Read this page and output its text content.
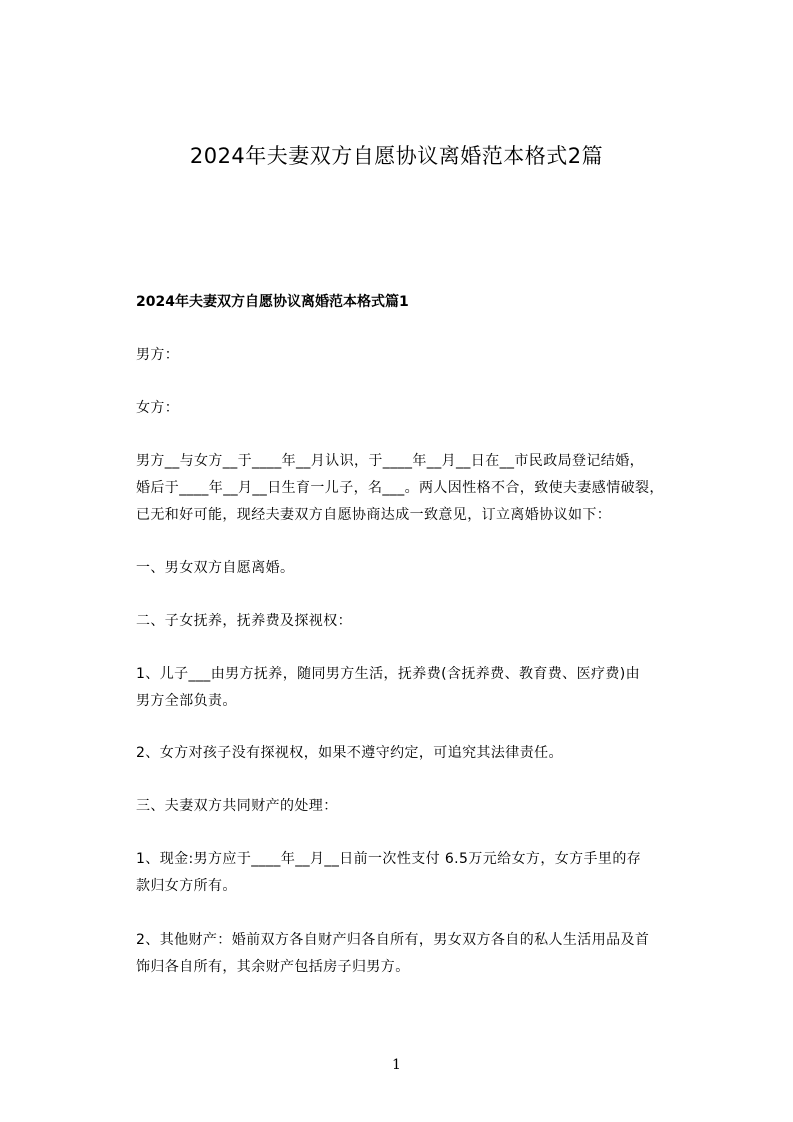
2024年夫妻双方自愿协议离婚范本格式2篇
2024年夫妻双方自愿协议离婚范本格式篇1
男方：
女方：
男方__与女方__于____年__月认识，于____年__月__日在__市民政局登记结婚，
婚后于____年__月__日生育一儿子，名___。两人因性格不合，致使夫妻感情破裂，
已无和好可能，现经夫妻双方自愿协商达成一致意见，订立离婚协议如下：
一、男女双方自愿离婚。
二、子女抚养，抚养费及探视权：
1、儿子___由男方抚养，随同男方生活，抚养费(含抚养费、教育费、医疗费)由
男方全部负责。
2、女方对孩子没有探视权，如果不遵守约定，可追究其法律责任。
三、夫妻双方共同财产的处理：
1、现金:男方应于____年__月__日前一次性支付 6.5万元给女方，女方手里的存
款归女方所有。
2、其他财产：婚前双方各自财产归各自所有，男女双方各自的私人生活用品及首
饰归各自所有，其余财产包括房子归男方。
1
